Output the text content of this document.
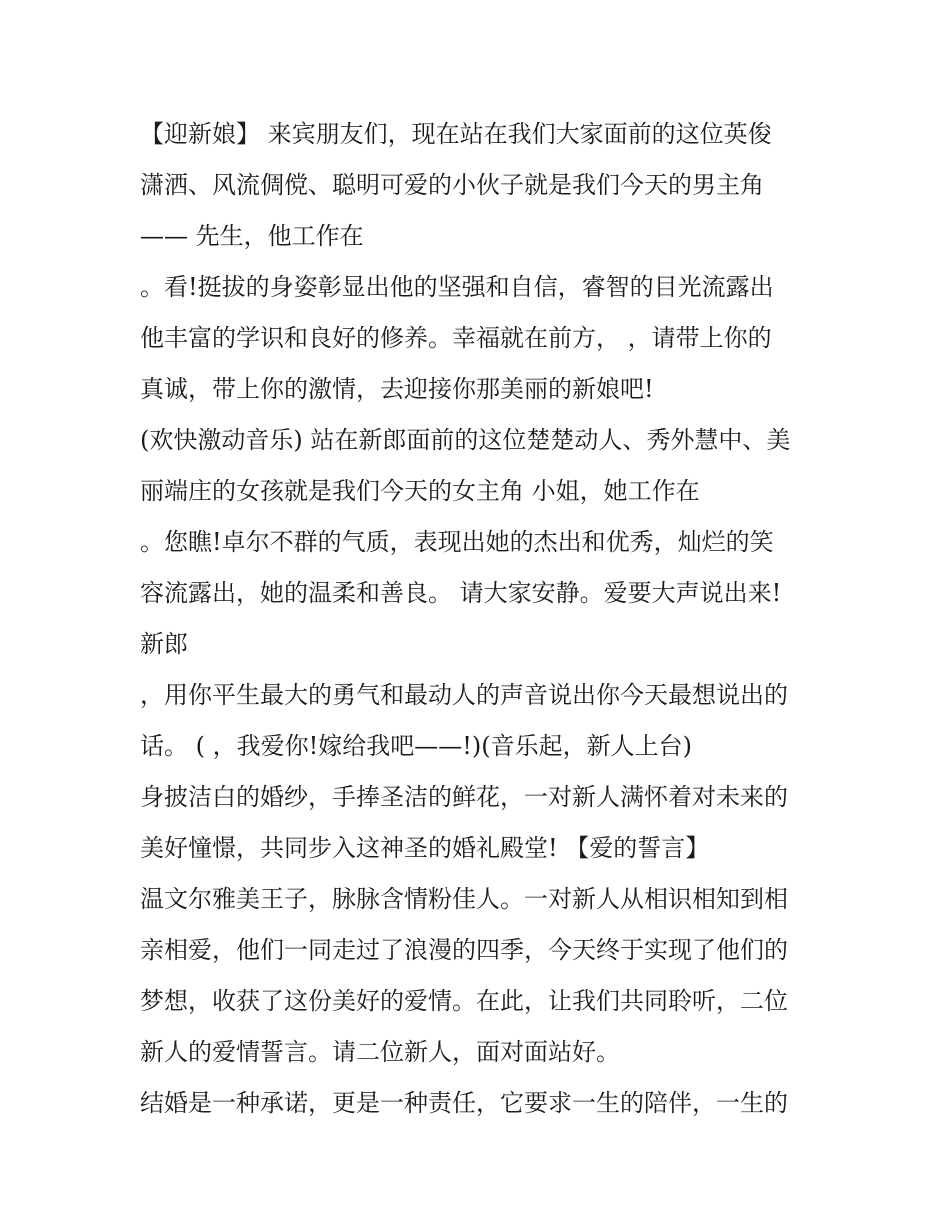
【迎新娘】 来宾朋友们，现在站在我们大家面前的这位英俊
潇洒、风流倜傥、聪明可爱的小伙子就是我们今天的男主角
—— 先生，他工作在
。看!挺拔的身姿彰显出他的坚强和自信，睿智的目光流露出
他丰富的学识和良好的修养。幸福就在前方， ，请带上你的
真诚，带上你的激情，去迎接你那美丽的新娘吧!
(欢快激动音乐) 站在新郎面前的这位楚楚动人、秀外慧中、美
丽端庄的女孩就是我们今天的女主角 小姐，她工作在
。您瞧!卓尔不群的气质，表现出她的杰出和优秀，灿烂的笑
容流露出，她的温柔和善良。 请大家安静。爱要大声说出来!
新郎
，用你平生最大的勇气和最动人的声音说出你今天最想说出的
话。 ( ，我爱你!嫁给我吧——!)(音乐起，新人上台)
身披洁白的婚纱，手捧圣洁的鲜花，一对新人满怀着对未来的
美好憧憬，共同步入这神圣的婚礼殿堂! 【爱的誓言】
温文尔雅美王子，脉脉含情粉佳人。一对新人从相识相知到相
亲相爱，他们一同走过了浪漫的四季，今天终于实现了他们的
梦想，收获了这份美好的爱情。在此，让我们共同聆听，二位
新人的爱情誓言。请二位新人，面对面站好。
结婚是一种承诺，更是一种责任，它要求一生的陪伴，一生的
